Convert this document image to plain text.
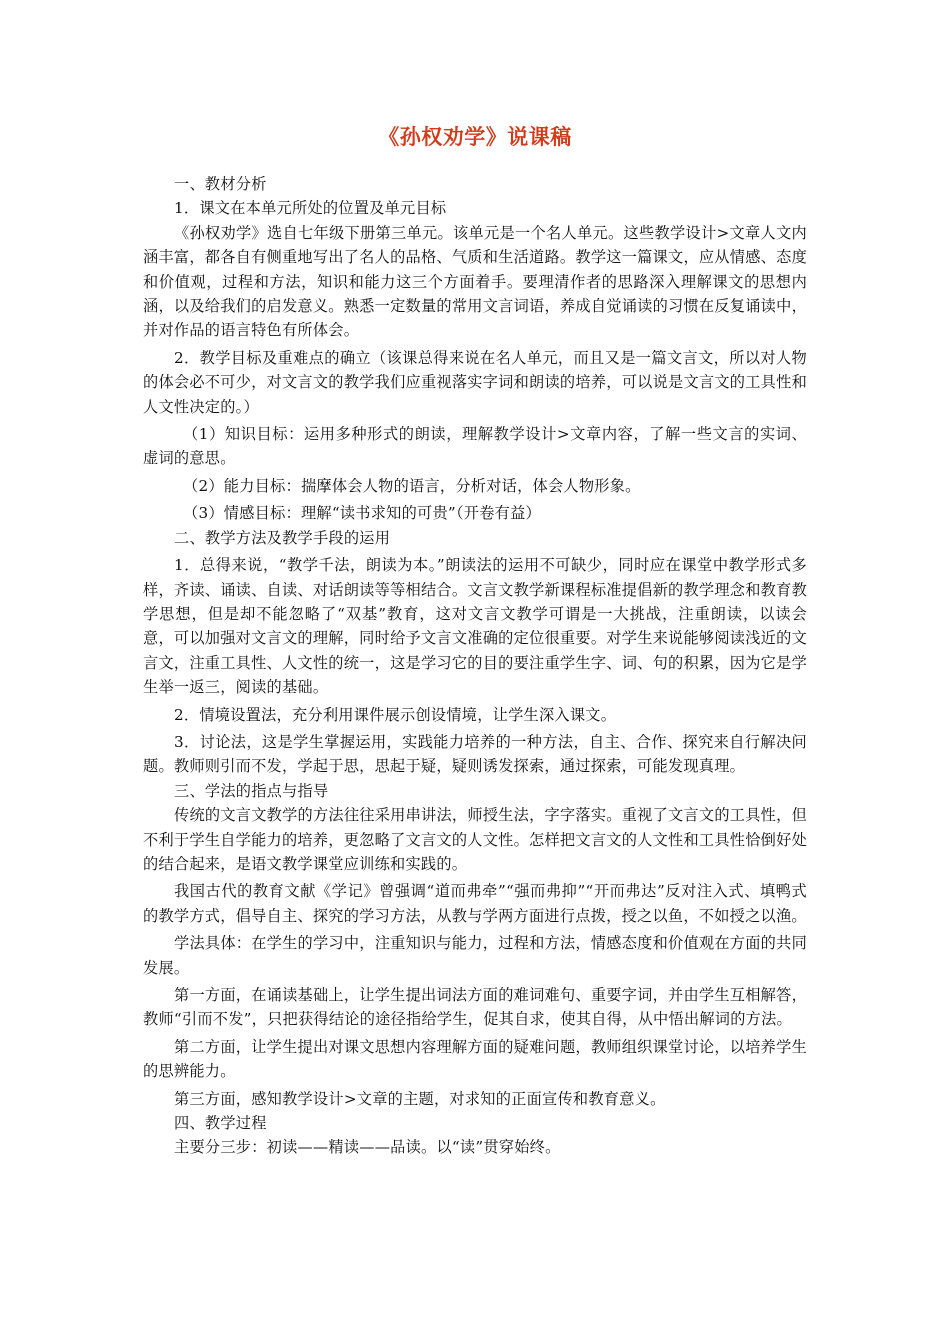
《孙权劝学》说课稿

一、教材分析

1．课文在本单元所处的位置及单元目标

《孙权劝学》选自七年级下册第三单元。该单元是一个名人单元。这些教学设计>文章人文内涵丰富，都各自有侧重地写出了名人的品格、气质和生活道路。教学这一篇课文，应从情感、态度和价值观，过程和方法，知识和能力这三个方面着手。要理清作者的思路深入理解课文的思想内涵，以及给我们的启发意义。熟悉一定数量的常用文言词语，养成自觉诵读的习惯在反复诵读中，并对作品的语言特色有所体会。

2．教学目标及重难点的确立（该课总得来说在名人单元，而且又是一篇文言文，所以对人物的体会必不可少，对文言文的教学我们应重视落实字词和朗读的培养，可以说是文言文的工具性和人文性决定的。）

（1）知识目标：运用多种形式的朗读，理解教学设计>文章内容，了解一些文言的实词、虚词的意思。

（2）能力目标：揣摩体会人物的语言，分析对话，体会人物形象。

（3）情感目标：理解“读书求知的可贵”（开卷有益）

二、教学方法及教学手段的运用

1．总得来说，“教学千法，朗读为本。”朗读法的运用不可缺少，同时应在课堂中教学形式多样，齐读、诵读、自读、对话朗读等等相结合。文言文教学新课程标准提倡新的教学理念和教育教学思想，但是却不能忽略了“双基”教育，这对文言文教学可谓是一大挑战，注重朗读，以读会意，可以加强对文言文的理解，同时给予文言文准确的定位很重要。对学生来说能够阅读浅近的文言文，注重工具性、人文性的统一，这是学习它的目的要注重学生字、词、句的积累，因为它是学生举一返三，阅读的基础。

2．情境设置法，充分利用课件展示创设情境，让学生深入课文。

3．讨论法，这是学生掌握运用，实践能力培养的一种方法，自主、合作、探究来自行解决问题。教师则引而不发，学起于思，思起于疑，疑则诱发探索，通过探索，可能发现真理。

三、学法的指点与指导

传统的文言文教学的方法往往采用串讲法，师授生法，字字落实。重视了文言文的工具性，但不利于学生自学能力的培养，更忽略了文言文的人文性。怎样把文言文的人文性和工具性恰倒好处的结合起来，是语文教学课堂应训练和实践的。

我国古代的教育文献《学记》曾强调“道而弗牵”“强而弗抑”“开而弗达”反对注入式、填鸭式的教学方式，倡导自主、探究的学习方法，从教与学两方面进行点拨，授之以鱼，不如授之以渔。

学法具体：在学生的学习中，注重知识与能力，过程和方法，情感态度和价值观在方面的共同发展。

第一方面，在诵读基础上，让学生提出词法方面的难词难句、重要字词，并由学生互相解答，教师“引而不发”，只把获得结论的途径指给学生，促其自求，使其自得，从中悟出解词的方法。

第二方面，让学生提出对课文思想内容理解方面的疑难问题，教师组织课堂讨论，以培养学生的思辨能力。

第三方面，感知教学设计>文章的主题，对求知的正面宣传和教育意义。

四、教学过程

主要分三步：初读——精读——品读。以“读”贯穿始终。
